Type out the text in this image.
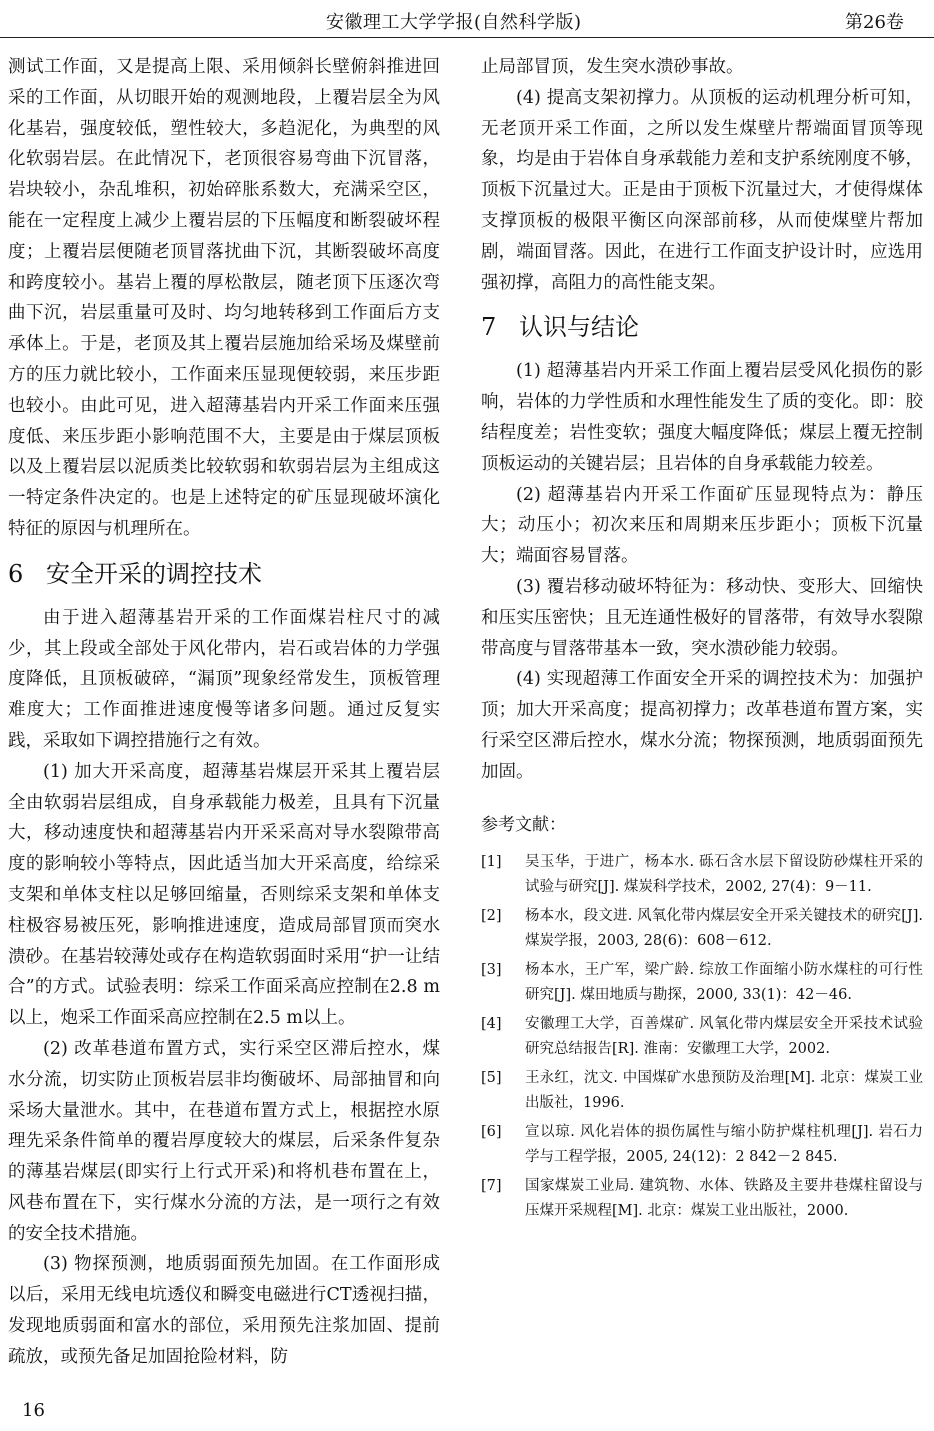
安徽理工大学学报(自然科学版)	第26卷

测试工作面，又是提高上限、采用倾斜长壁俯斜推进回采的工作面，从切眼开始的观测地段，上覆岩层全为风化基岩，强度较低，塑性较大，多趋泥化，为典型的风化软弱岩层。在此情况下，老顶很容易弯曲下沉冒落，岩块较小，杂乱堆积，初始碎胀系数大，充满采空区，能在一定程度上减少上覆岩层的下压幅度和断裂破坏程度；上覆岩层便随老顶冒落扰曲下沉，其断裂破坏高度和跨度较小。基岩上覆的厚松散层，随老顶下压逐次弯曲下沉，岩层重量可及时、均匀地转移到工作面后方支承体上。于是，老顶及其上覆岩层施加给采场及煤壁前方的压力就比较小，工作面来压显现便较弱，来压步距也较小。由此可见，进入超薄基岩内开采工作面来压强度低、来压步距小影响范围不大，主要是由于煤层顶板以及上覆岩层以泥质类比较软弱和软弱岩层为主组成这一特定条件决定的。也是上述特定的矿压显现破坏演化特征的原因与机理所在。

6 安全开采的调控技术

由于进入超薄基岩开采的工作面煤岩柱尺寸的减少，其上段或全部处于风化带内，岩石或岩体的力学强度降低，且顶板破碎，“漏顶”现象经常发生，顶板管理难度大；工作面推进速度慢等诸多问题。通过反复实践，采取如下调控措施行之有效。

(1) 加大开采高度，超薄基岩煤层开采其上覆岩层全由软弱岩层组成，自身承载能力极差，且具有下沉量大，移动速度快和超薄基岩内开采采高对导水裂隙带高度的影响较小等特点，因此适当加大开采高度，给综采支架和单体支柱以足够回缩量，否则综采支架和单体支柱极容易被压死，影响推进速度，造成局部冒顶而突水溃砂。在基岩较薄处或存在构造软弱面时采用“护一让结合”的方式。试验表明：综采工作面采高应控制在2.8 m以上，炮采工作面采高应控制在2.5 m以上。

(2) 改革巷道布置方式，实行采空区滞后控水，煤水分流，切实防止顶板岩层非均衡破坏、局部抽冒和向采场大量泄水。其中，在巷道布置方式上，根据控水原理先采条件简单的覆岩厚度较大的煤层，后采条件复杂的薄基岩煤层(即实行上行式开采)和将机巷布置在上，风巷布置在下，实行煤水分流的方法，是一项行之有效的安全技术措施。

(3) 物探预测，地质弱面预先加固。在工作面形成以后，采用无线电坑透仪和瞬变电磁进行CT透视扫描，发现地质弱面和富水的部位，采用预先注浆加固、提前疏放，或预先备足加固抢险材料，防

止局部冒顶，发生突水溃砂事故。

(4) 提高支架初撑力。从顶板的运动机理分析可知，无老顶开采工作面，之所以发生煤壁片帮端面冒顶等现象，均是由于岩体自身承载能力差和支护系统刚度不够，顶板下沉量过大。正是由于顶板下沉量过大，才使得煤体支撑顶板的极限平衡区向深部前移，从而使煤壁片帮加剧，端面冒落。因此，在进行工作面支护设计时，应选用强初撑，高阻力的高性能支架。

7 认识与结论

(1) 超薄基岩内开采工作面上覆岩层受风化损伤的影响，岩体的力学性质和水理性能发生了质的变化。即：胶结程度差；岩性变软；强度大幅度降低；煤层上覆无控制顶板运动的关键岩层；且岩体的自身承载能力较差。

(2) 超薄基岩内开采工作面矿压显现特点为：静压大；动压小；初次来压和周期来压步距小；顶板下沉量大；端面容易冒落。

(3) 覆岩移动破坏特征为：移动快、变形大、回缩快和压实压密快；且无连通性极好的冒落带，有效导水裂隙带高度与冒落带基本一致，突水溃砂能力较弱。

(4) 实现超薄工作面安全开采的调控技术为：加强护顶；加大开采高度；提高初撑力；改革巷道布置方案，实行采空区滞后控水，煤水分流；物探预测，地质弱面预先加固。

参考文献：
[1] 吴玉华，于进广，杨本水. 砾石含水层下留设防砂煤柱开采的试验与研究[J]. 煤炭科学技术，2002, 27(4)：9－11.
[2] 杨本水，段文进. 风氧化带内煤层安全开采关键技术的研究[J]. 煤炭学报，2003, 28(6)：608－612.
[3] 杨本水，王广军，梁广龄. 综放工作面缩小防水煤柱的可行性研究[J]. 煤田地质与勘探，2000, 33(1)：42－46.
[4] 安徽理工大学，百善煤矿. 风氧化带内煤层安全开采技术试验研究总结报告[R]. 淮南：安徽理工大学，2002.
[5] 王永红，沈文. 中国煤矿水患预防及治理[M]. 北京：煤炭工业出版社，1996.
[6] 宣以琼. 风化岩体的损伤属性与缩小防护煤柱机理[J]. 岩石力学与工程学报，2005, 24(12)：2 842－2 845.
[7] 国家煤炭工业局. 建筑物、水体、铁路及主要井巷煤柱留设与压煤开采规程[M]. 北京：煤炭工业出版社，2000.
16
